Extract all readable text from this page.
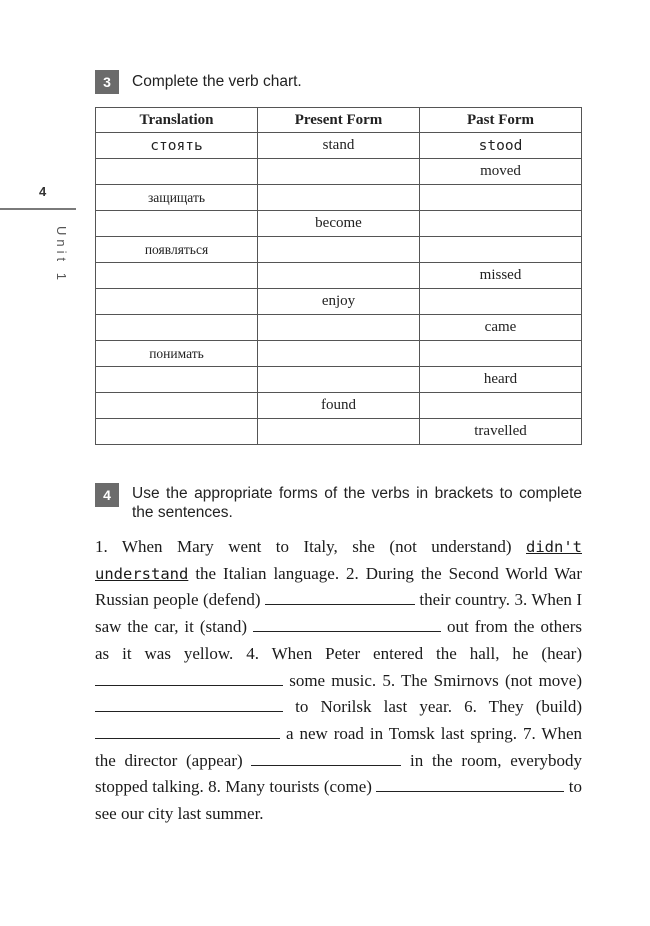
4
Unit 1
3	Complete the verb chart.
Translation	Present Form	Past Form
стоять	stand	stood
		moved
защищать		
	become	
появляться		
		missed
	enjoy	
		came
понимать		
		heard
	found	
		travelled
4	Use the appropriate forms of the verbs in brackets to complete the sentences.
1. When Mary went to Italy, she (not understand) didn't understand the Italian language. 2. During the Second World War Russian people (defend)	their country. 3. When I saw the car, it (stand)	out from the others as it was yellow. 4. When Peter entered the hall, he (hear)  some music. 5. The Smirnovs (not move)  to Norilsk last year. 6. They (build)  a new road in Tomsk last spring. 7. When the director (appear)	in the room, everybody stopped talking. 8. Many tourists (come)	to see our city last summer.
